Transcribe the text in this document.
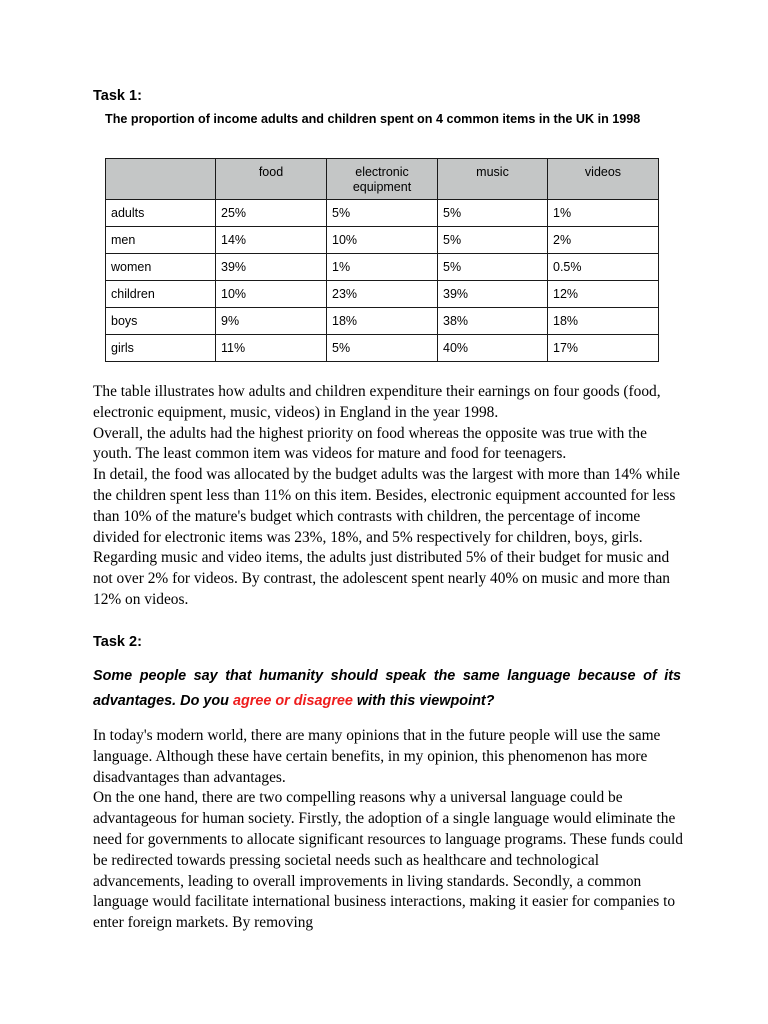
Task 1:

The proportion of income adults and children spent on 4 common items in the UK in 1998

	food	electronic equipment	music	videos
adults	25%	5%	5%	1%
men	14%	10%	5%	2%
women	39%	1%	5%	0.5%
children	10%	23%	39%	12%
boys	9%	18%	38%	18%
girls	11%	5%	40%	17%

The table illustrates how adults and children expenditure their earnings on four goods (food, electronic equipment, music, videos) in England in the year 1998.

Overall, the adults had the highest priority on food whereas the opposite was true with the youth. The least common item was videos for mature and food for teenagers.

In detail, the food was allocated by the budget adults was the largest with more than 14% while the children spent less than 11% on this item. Besides, electronic equipment accounted for less than 10% of the mature's budget which contrasts with children, the percentage of income divided for electronic items was 23%, 18%, and 5% respectively for children, boys, girls.

Regarding music and video items, the adults just distributed 5% of their budget for music and not over 2% for videos. By contrast, the adolescent spent nearly 40% on music and more than 12% on videos.

Task 2:

Some people say that humanity should speak the same language because of its advantages. Do you agree or disagree with this viewpoint?

In today's modern world, there are many opinions that in the future people will use the same language. Although these have certain benefits, in my opinion, this phenomenon has more disadvantages than advantages.

On the one hand, there are two compelling reasons why a universal language could be advantageous for human society. Firstly, the adoption of a single language would eliminate the need for governments to allocate significant resources to language programs. These funds could be redirected towards pressing societal needs such as healthcare and technological advancements, leading to overall improvements in living standards. Secondly, a common language would facilitate international business interactions, making it easier for companies to enter foreign markets. By removing
